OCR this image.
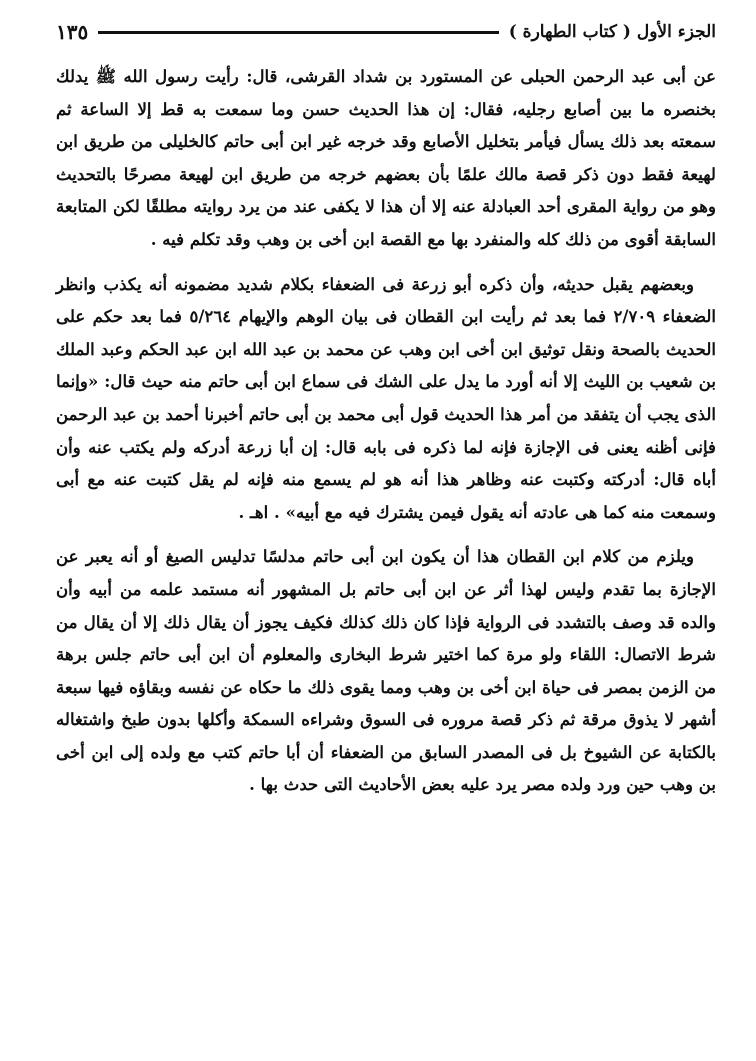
الجزء الأول ( كتاب الطهارة )
١٣٥

عن أبى عبد الرحمن الحبلى عن المستورد بن شداد القرشى، قال: رأيت رسول الله ﷺ يدلك بخنصره ما بين أصابع رجليه، فقال: إن هذا الحديث حسن وما سمعت به قط إلا الساعة ثم سمعته بعد ذلك يسأل فيأمر بتخليل الأصابع وقد خرجه غير ابن أبى حاتم كالخليلى من طريق ابن لهيعة فقط دون ذكر قصة مالك علمًا بأن بعضهم خرجه من طريق ابن لهيعة مصرحًا بالتحديث وهو من رواية المقرى أحد العبادلة عنه إلا أن هذا لا يكفى عند من يرد روايته مطلقًا لكن المتابعة السابقة أقوى من ذلك كله والمنفرد بها مع القصة ابن أخى بن وهب وقد تكلم فيه .

وبعضهم يقبل حديثه، وأن ذكره أبو زرعة فى الضعفاء بكلام شديد مضمونه أنه يكذب وانظر الضعفاء ٢/٧٠٩ فما بعد ثم رأيت ابن القطان فى بيان الوهم والإيهام ٥/٢٦٤ فما بعد حكم على الحديث بالصحة ونقل توثيق ابن أخى ابن وهب عن محمد بن عبد الله ابن عبد الحكم وعبد الملك بن شعيب بن الليث إلا أنه أورد ما يدل على الشك فى سماع ابن أبى حاتم منه حيث قال: «وإنما الذى يجب أن يتفقد من أمر هذا الحديث قول أبى محمد بن أبى حاتم أخبرنا أحمد بن عبد الرحمن فإنى أظنه يعنى فى الإجازة فإنه لما ذكره فى بابه قال: إن أبا زرعة أدركه ولم يكتب عنه وأن أباه قال: أدركته وكتبت عنه وظاهر هذا أنه هو لم يسمع منه فإنه لم يقل كتبت عنه مع أبى وسمعت منه كما هى عادته أنه يقول فيمن يشترك فيه مع أبيه» . اهـ .

ويلزم من كلام ابن القطان هذا أن يكون ابن أبى حاتم مدلسًا تدليس الصيغ أو أنه يعبر عن الإجازة بما تقدم وليس لهذا أثر عن ابن أبى حاتم بل المشهور أنه مستمد علمه من أبيه وأن والده قد وصف بالتشدد فى الرواية فإذا كان ذلك كذلك فكيف يجوز أن يقال ذلك إلا أن يقال من شرط الاتصال: اللقاء ولو مرة كما اختير شرط البخارى والمعلوم أن ابن أبى حاتم جلس برهة من الزمن بمصر فى حياة ابن أخى بن وهب ومما يقوى ذلك ما حكاه عن نفسه وبقاؤه فيها سبعة أشهر لا يذوق مرقة ثم ذكر قصة مروره فى السوق وشراءه السمكة وأكلها بدون طبخ واشتغاله بالكتابة عن الشيوخ بل فى المصدر السابق من الضعفاء أن أبا حاتم كتب مع ولده إلى ابن أخى بن وهب حين ورد ولده مصر يرد عليه بعض الأحاديث التى حدث بها .
